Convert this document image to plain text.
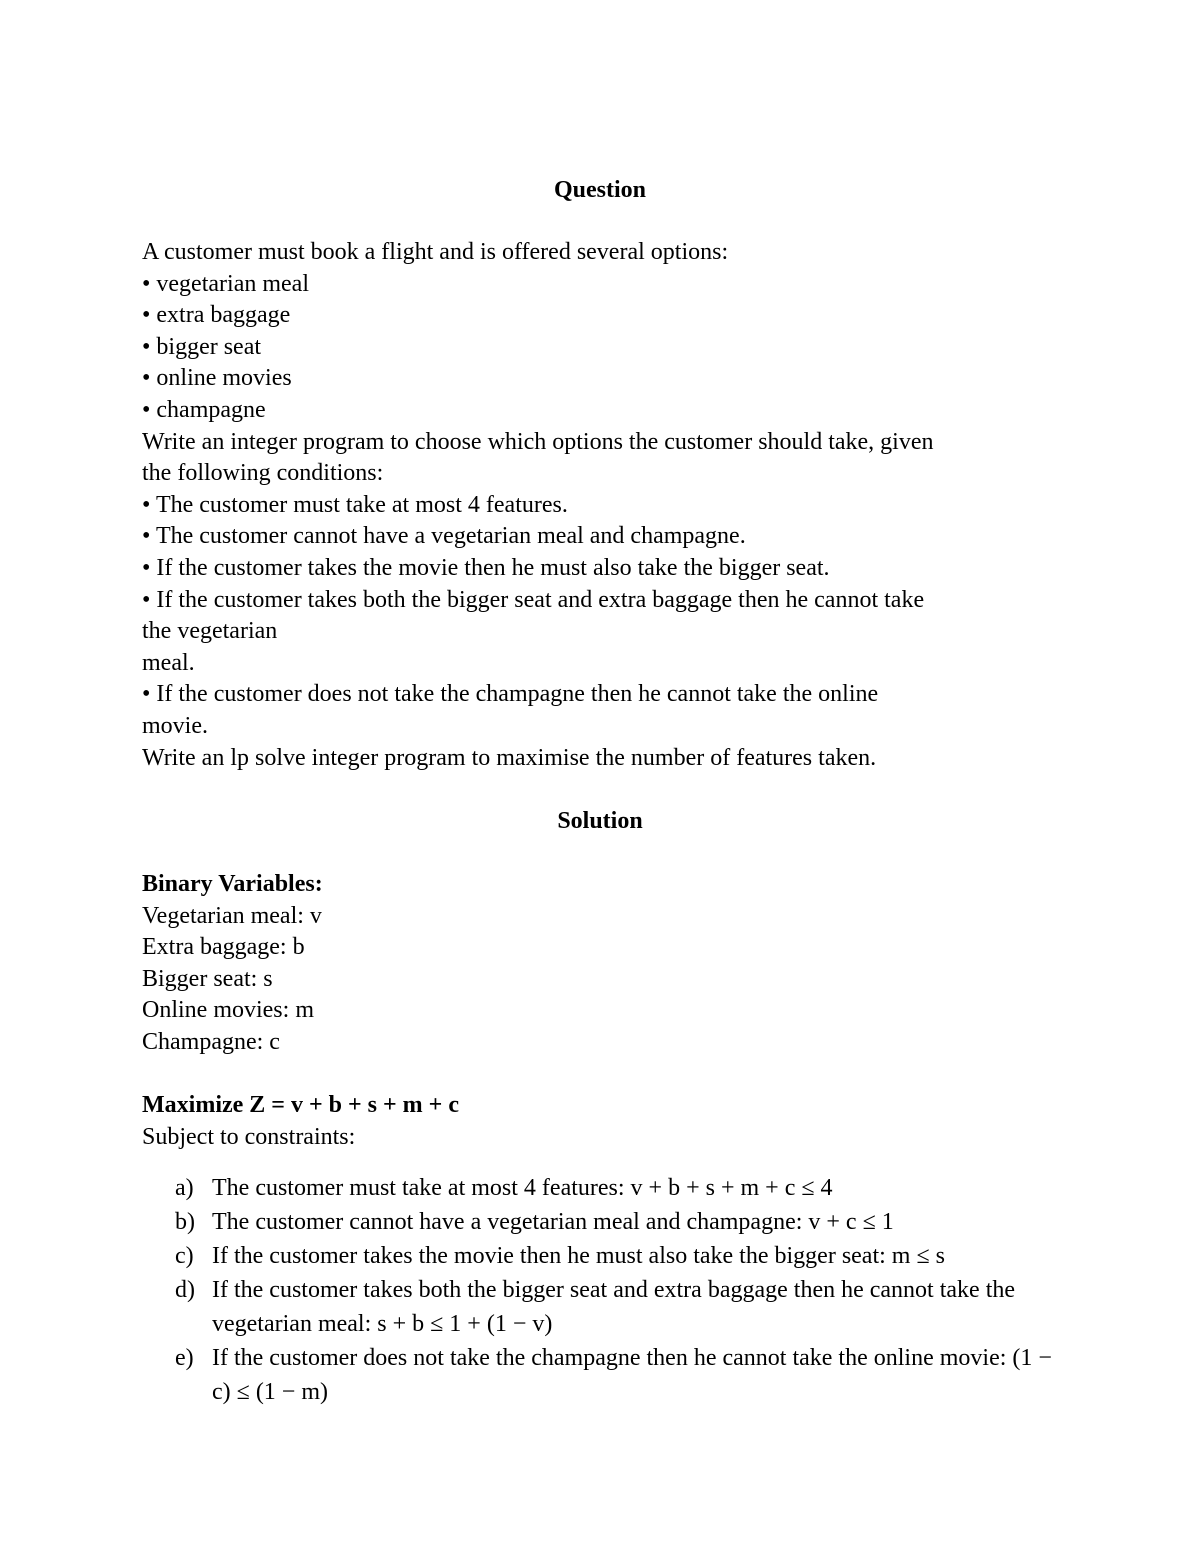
Question
A customer must book a flight and is offered several options:
• vegetarian meal
• extra baggage
• bigger seat
• online movies
• champagne
Write an integer program to choose which options the customer should take, given
the following conditions:
• The customer must take at most 4 features.
• The customer cannot have a vegetarian meal and champagne.
• If the customer takes the movie then he must also take the bigger seat.
• If the customer takes both the bigger seat and extra baggage then he cannot take
the vegetarian
meal.
• If the customer does not take the champagne then he cannot take the online
movie.
Write an lp solve integer program to maximise the number of features taken.
Solution
Binary Variables:
Vegetarian meal: v
Extra baggage: b
Bigger seat: s
Online movies: m
Champagne: c
Maximize Z = v + b + s + m + c
Subject to constraints:
a) The customer must take at most 4 features: v + b + s + m + c ≤ 4
b) The customer cannot have a vegetarian meal and champagne: v + c ≤ 1
c) If the customer takes the movie then he must also take the bigger seat: m ≤ s
d) If the customer takes both the bigger seat and extra baggage then he cannot take the vegetarian meal: s + b ≤ 1 + (1 − v)
e) If the customer does not take the champagne then he cannot take the online movie: (1 − c) ≤ (1 − m)
